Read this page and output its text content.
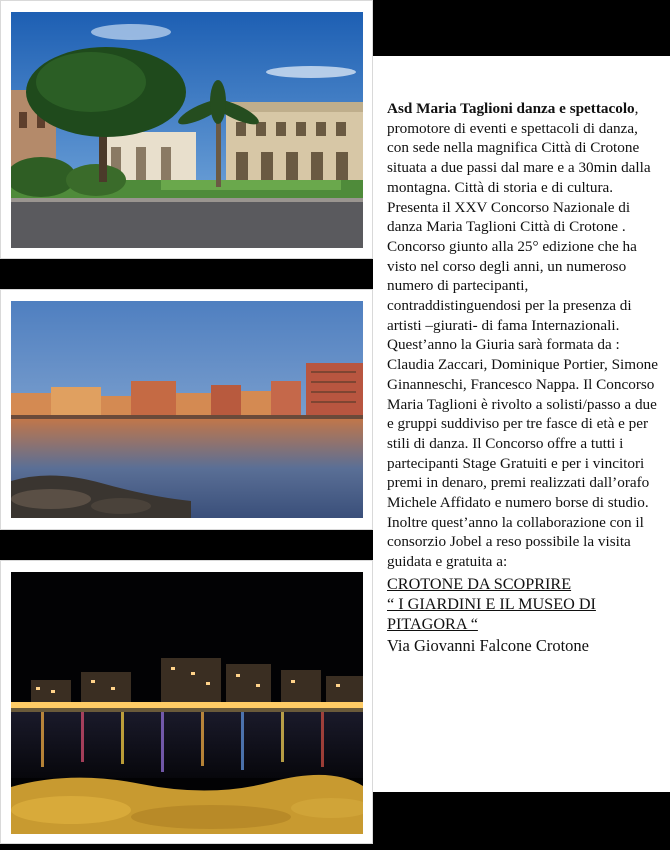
Asd Maria Taglioni danza e spettacolo, promotore di eventi e spettacoli di danza, con sede nella magnifica Città di Crotone situata a due passi dal mare e a 30min dalla montagna. Città di storia e di cultura. Presenta il XXV Concorso Nazionale di danza Maria Taglioni Città di Crotone . Concorso giunto alla 25° edizione che ha visto nel corso degli anni, un numeroso numero di partecipanti, contraddistinguendosi per la presenza di artisti –giurati- di fama Internazionali. Quest’anno la Giuria sarà formata da : Claudia Zaccari, Dominique Portier, Simone Ginanneschi, Francesco Nappa. Il Concorso Maria Taglioni è rivolto a solisti/passo a due e gruppi suddiviso per tre fasce di età e per stili di danza. Il Concorso offre a tutti i partecipanti Stage Gratuiti e per i vincitori premi in denaro, premi realizzati dall’orafo Michele Affidato e numero borse di studio. Inoltre quest’anno la collaborazione con il consorzio Jobel a reso possibile la visita guidata e gratuita a:
CROTONE DA SCOPRIRE
“ I GIARDINI E IL MUSEO DI PITAGORA “
Via Giovanni Falcone Crotone
